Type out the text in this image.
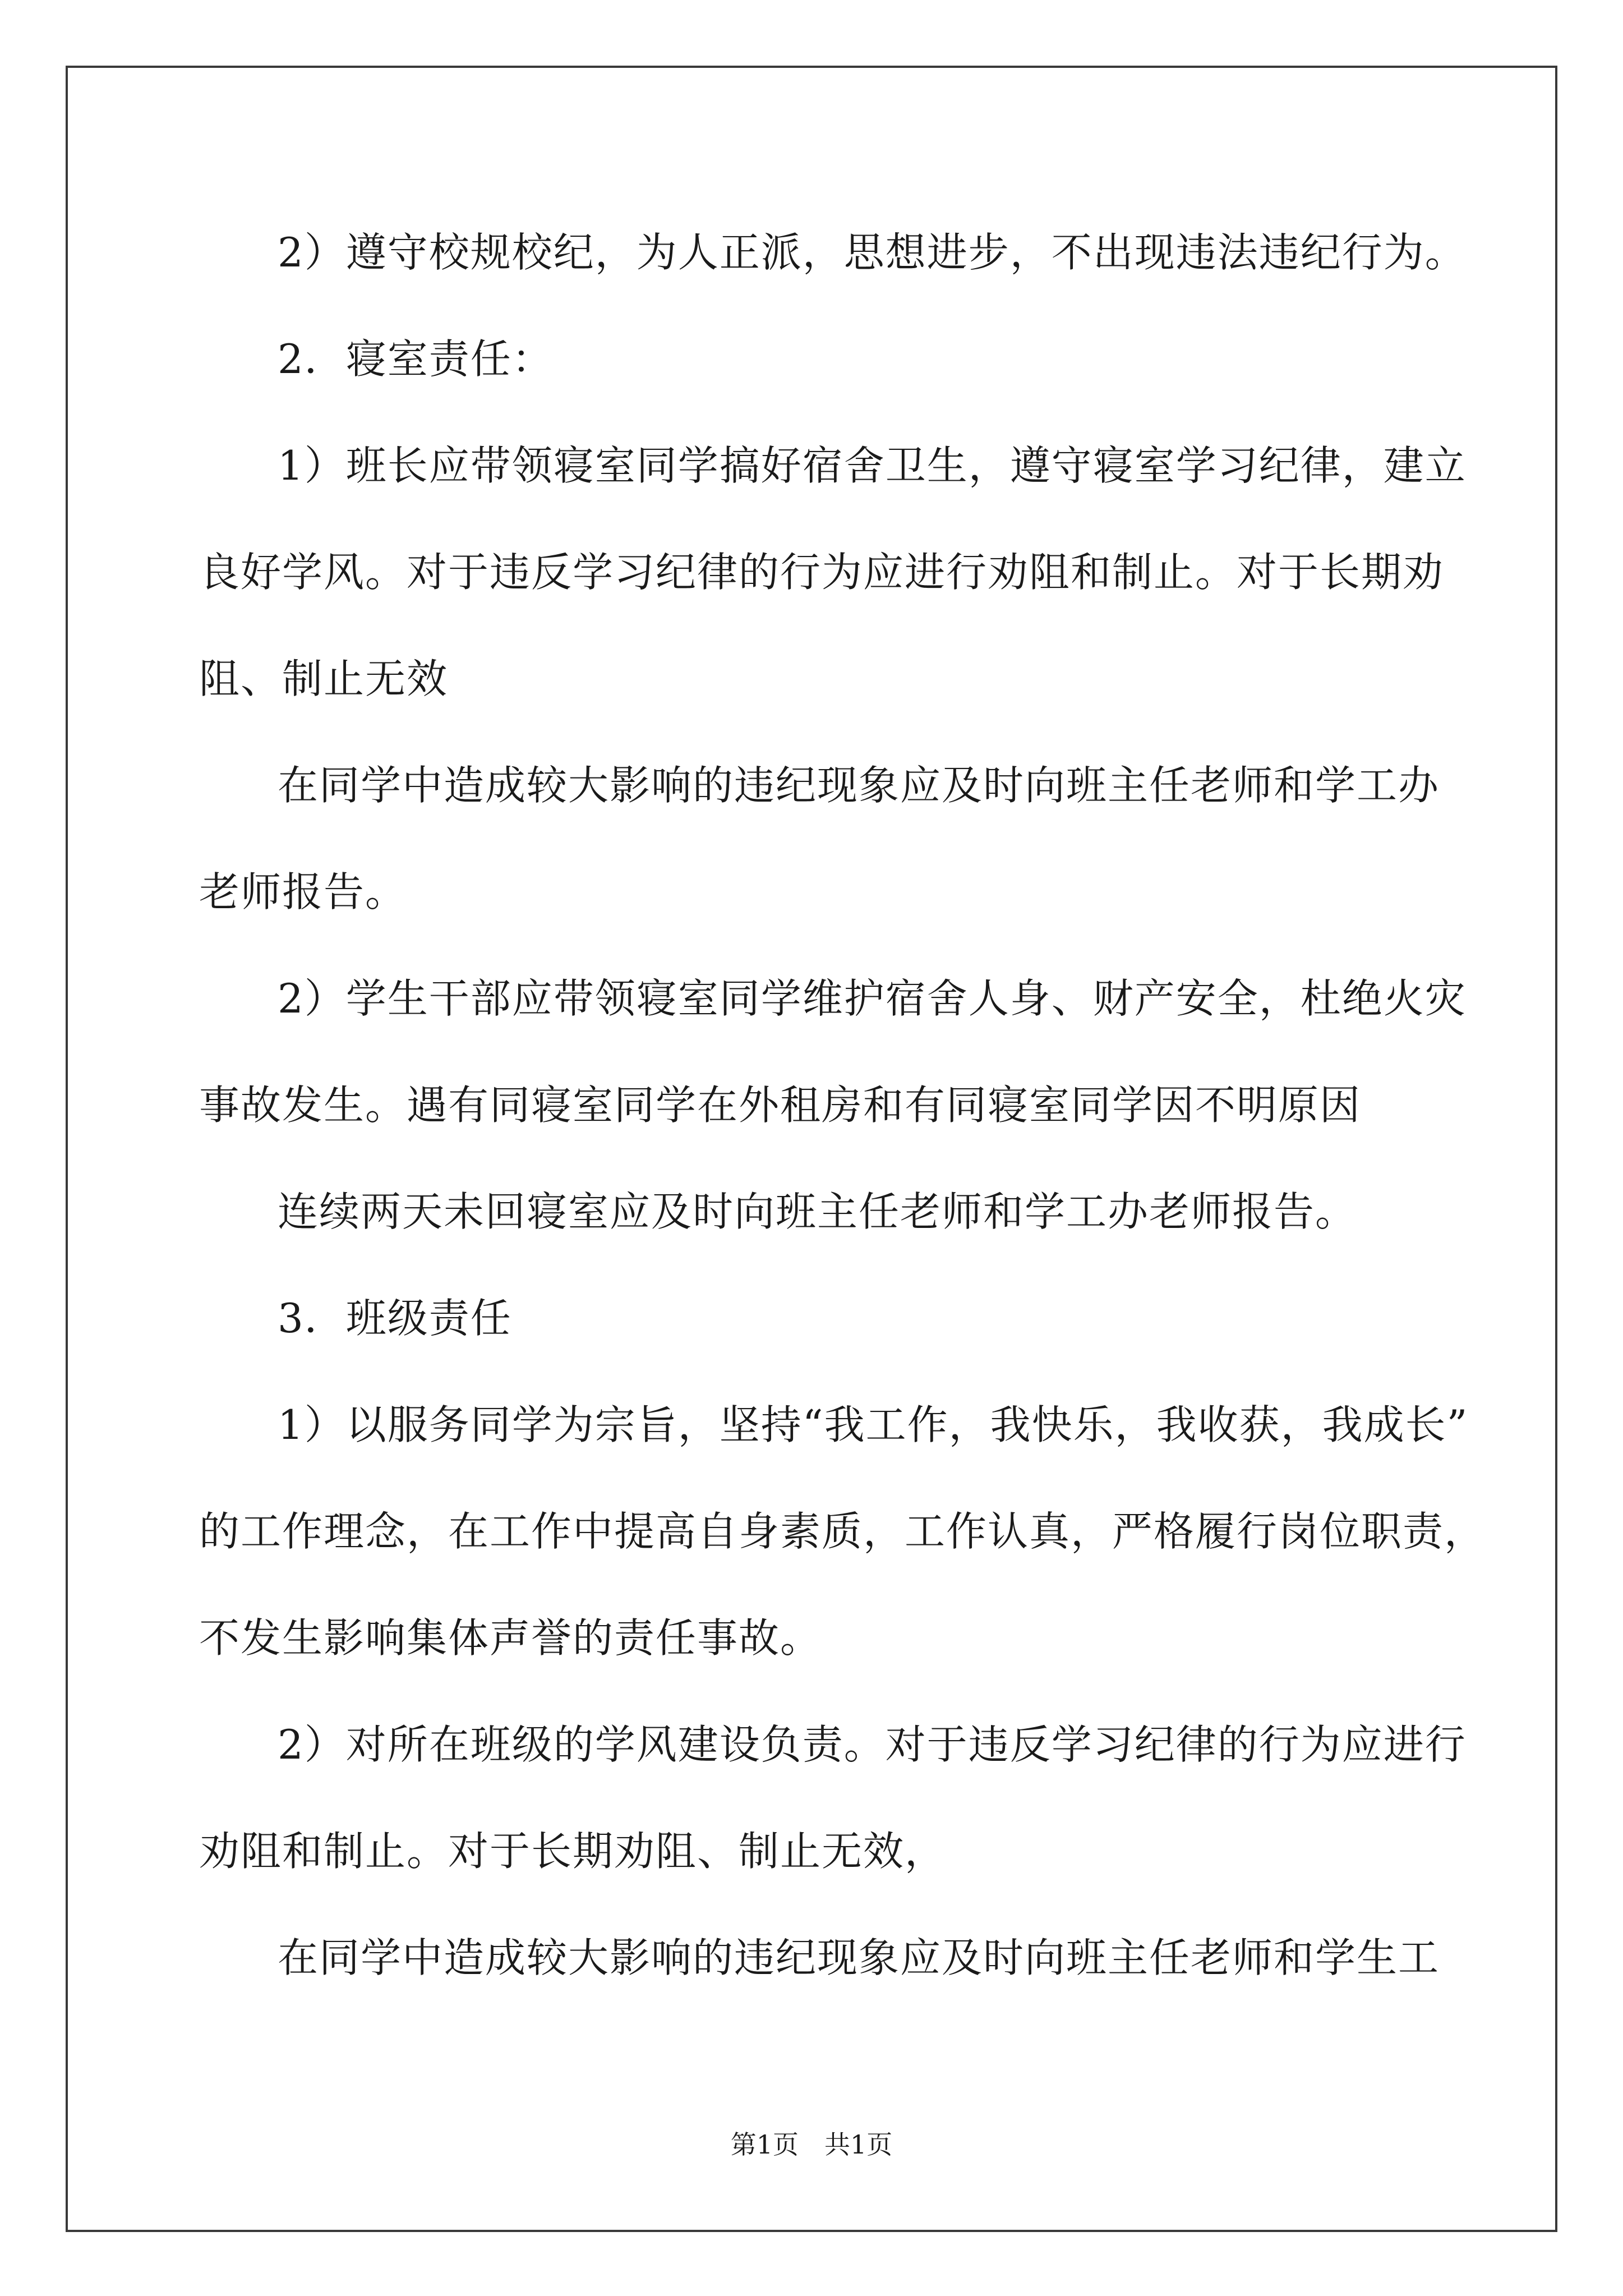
2）遵守校规校纪，为人正派，思想进步，不出现违法违纪行为。
2．寝室责任：
1）班长应带领寝室同学搞好宿舍卫生，遵守寝室学习纪律，建立
良好学风。对于违反学习纪律的行为应进行劝阻和制止。对于长期劝
阻、制止无效
在同学中造成较大影响的违纪现象应及时向班主任老师和学工办
老师报告。
2）学生干部应带领寝室同学维护宿舍人身、财产安全，杜绝火灾
事故发生。遇有同寝室同学在外租房和有同寝室同学因不明原因
连续两天未回寝室应及时向班主任老师和学工办老师报告。
3．班级责任
1）以服务同学为宗旨，坚持“我工作，我快乐，我收获，我成长”
的工作理念，在工作中提高自身素质，工作认真，严格履行岗位职责，
不发生影响集体声誉的责任事故。
2）对所在班级的学风建设负责。对于违反学习纪律的行为应进行
劝阻和制止。对于长期劝阻、制止无效，
在同学中造成较大影响的违纪现象应及时向班主任老师和学生工
第1页　共1页
